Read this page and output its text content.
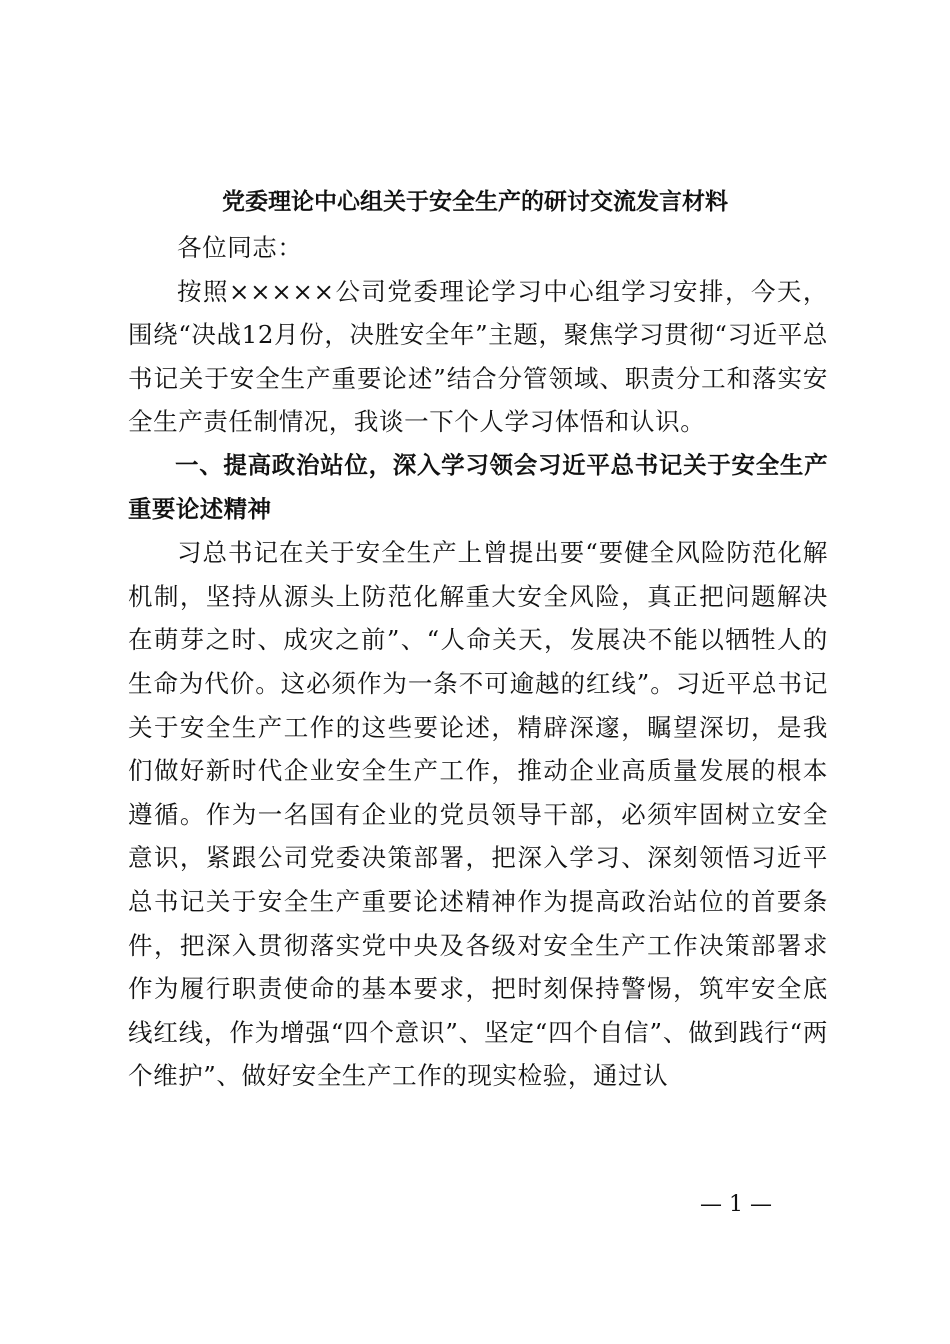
党委理论中心组关于安全生产的研讨交流发言材料

各位同志：

按照×××××公司党委理论学习中心组学习安排，今天，围绕“决战12月份，决胜安全年”主题，聚焦学习贯彻“习近平总书记关于安全生产重要论述”结合分管领域、职责分工和落实安全生产责任制情况，我谈一下个人学习体悟和认识。

一、提高政治站位，深入学习领会习近平总书记关于安全生产重要论述精神

习总书记在关于安全生产上曾提出要“要健全风险防范化解机制，坚持从源头上防范化解重大安全风险，真正把问题解决在萌芽之时、成灾之前”、“人命关天，发展决不能以牺牲人的生命为代价。这必须作为一条不可逾越的红线”。习近平总书记关于安全生产工作的这些要论述，精辟深邃，瞩望深切，是我们做好新时代企业安全生产工作，推动企业高质量发展的根本遵循。作为一名国有企业的党员领导干部，必须牢固树立安全意识，紧跟公司党委决策部署，把深入学习、深刻领悟习近平总书记关于安全生产重要论述精神作为提高政治站位的首要条件，把深入贯彻落实党中央及各级对安全生产工作决策部署求作为履行职责使命的基本要求，把时刻保持警惕，筑牢安全底线红线，作为增强“四个意识”、坚定“四个自信”、做到践行“两个维护”、做好安全生产工作的现实检验，通过认

— 1 —
